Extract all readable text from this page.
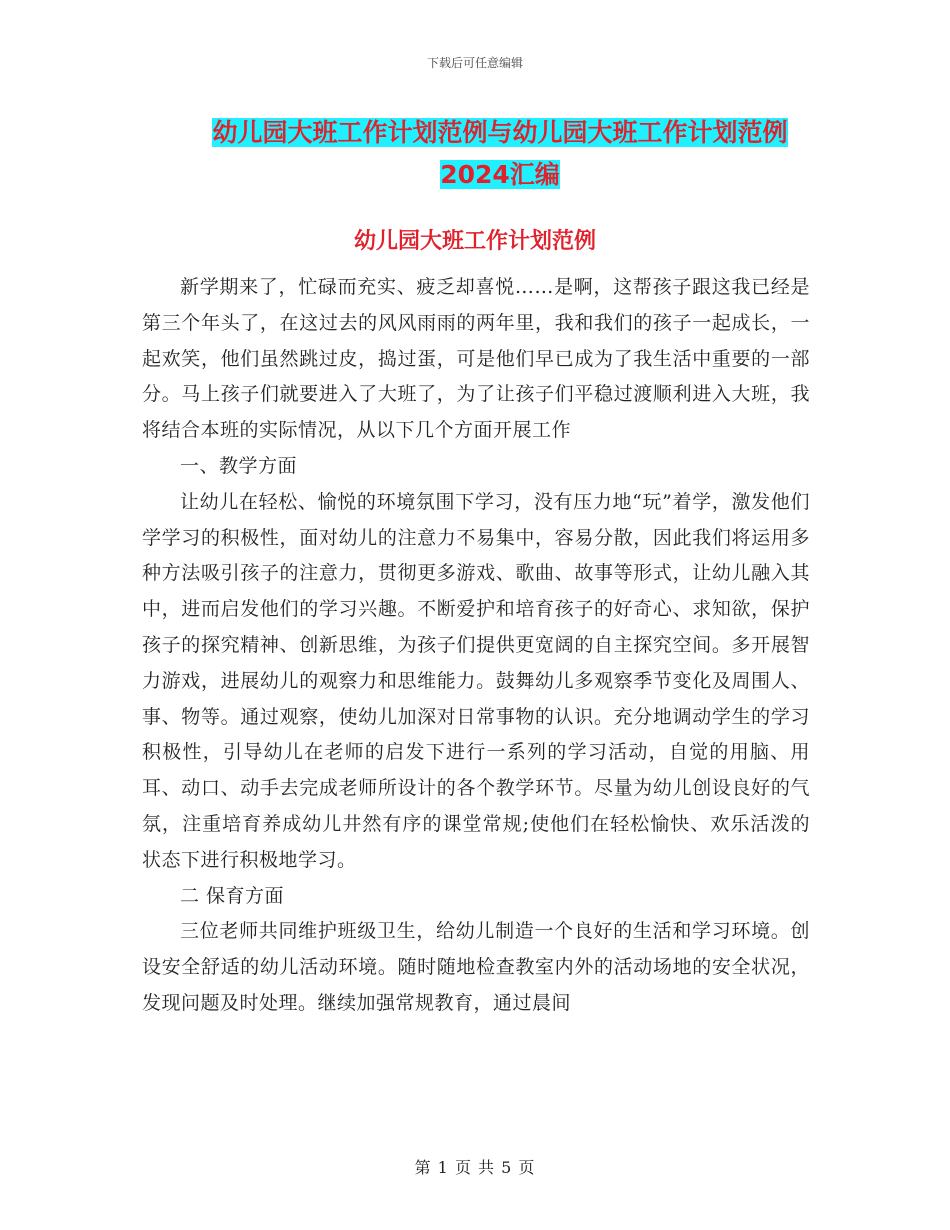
下载后可任意编辑
幼儿园大班工作计划范例与幼儿园大班工作计划范例
2024汇编
幼儿园大班工作计划范例

新学期来了，忙碌而充实、疲乏却喜悦……是啊，这帮孩子跟这我已经是第三个年头了，在这过去的风风雨雨的两年里，我和我们的孩子一起成长，一起欢笑，他们虽然跳过皮，捣过蛋，可是他们早已成为了我生活中重要的一部分。马上孩子们就要进入了大班了，为了让孩子们平稳过渡顺利进入大班，我将结合本班的实际情况，从以下几个方面开展工作

一、教学方面

让幼儿在轻松、愉悦的环境氛围下学习，没有压力地“玩”着学，激发他们学学习的积极性，面对幼儿的注意力不易集中，容易分散，因此我们将运用多种方法吸引孩子的注意力，贯彻更多游戏、歌曲、故事等形式，让幼儿融入其中，进而启发他们的学习兴趣。不断爱护和培育孩子的好奇心、求知欲，保护孩子的探究精神、创新思维，为孩子们提供更宽阔的自主探究空间。多开展智力游戏，进展幼儿的观察力和思维能力。鼓舞幼儿多观察季节变化及周围人、事、物等。通过观察，使幼儿加深对日常事物的认识。充分地调动学生的学习积极性，引导幼儿在老师的启发下进行一系列的学习活动，自觉的用脑、用耳、动口、动手去完成老师所设计的各个教学环节。尽量为幼儿创设良好的气氛，注重培育养成幼儿井然有序的课堂常规;使他们在轻松愉快、欢乐活泼的状态下进行积极地学习。

二 保育方面

三位老师共同维护班级卫生，给幼儿制造一个良好的生活和学习环境。创设安全舒适的幼儿活动环境。随时随地检查教室内外的活动场地的安全状况，发现问题及时处理。继续加强常规教育，通过晨间

第 1 页 共 5 页
